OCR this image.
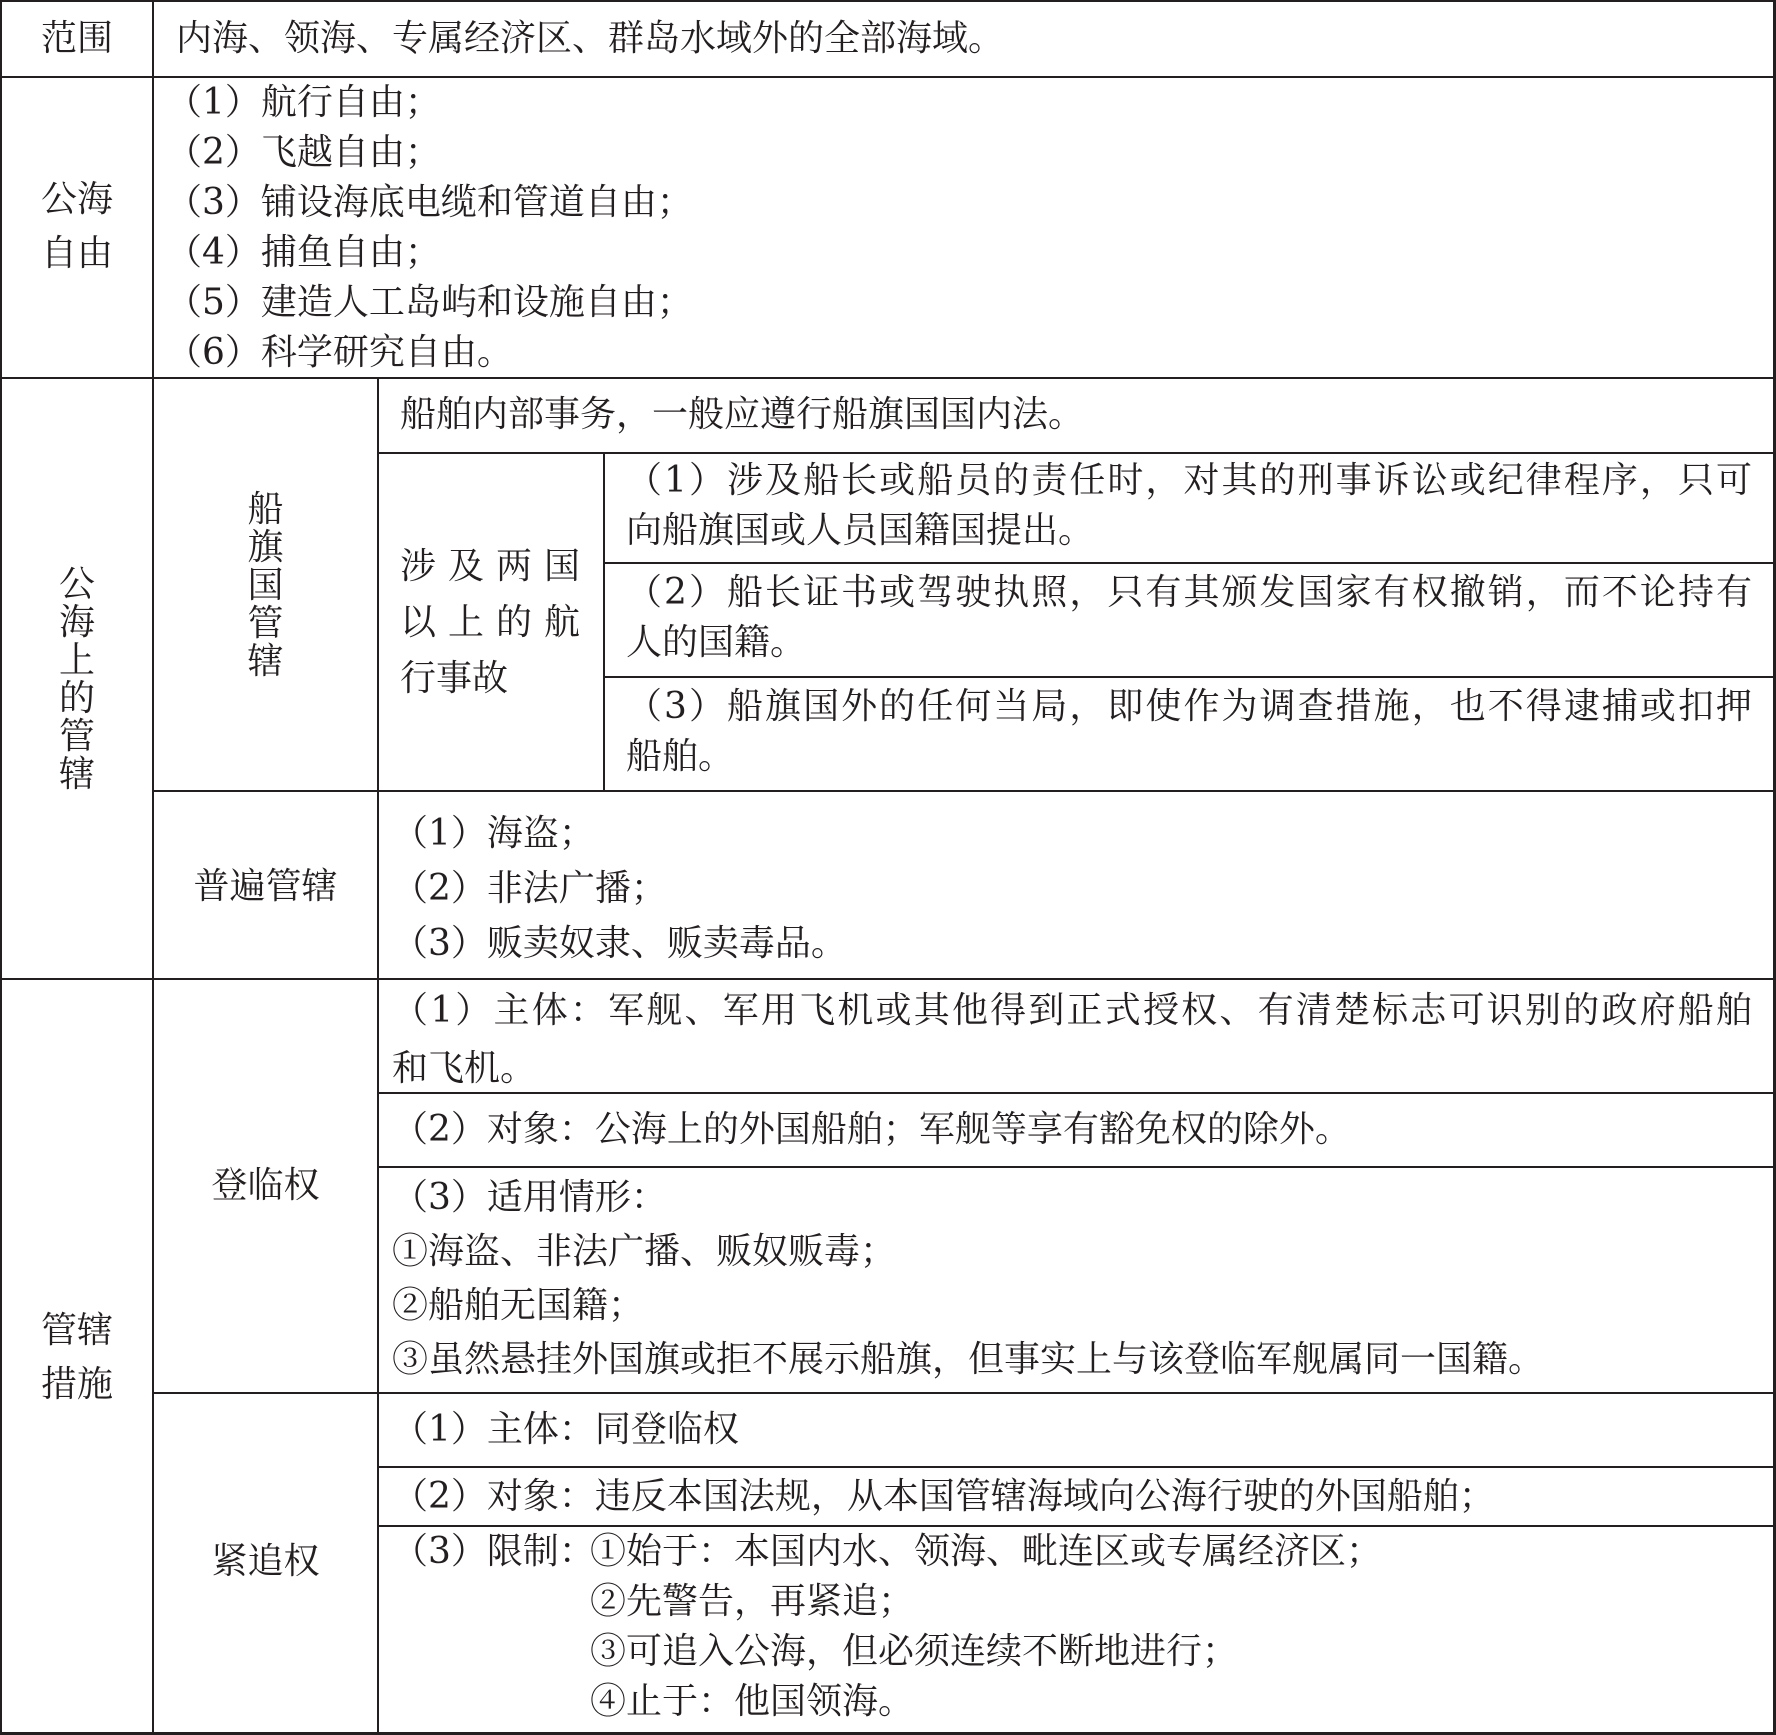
范围	内海、领海、专属经济区、群岛水域外的全部海域。
公海
自由
（1）航行自由；
（2）飞越自由；
（3）铺设海底电缆和管道自由；
（4）捕鱼自由；
（5）建造人工岛屿和设施自由；
（6）科学研究自由。
公
海
上
的
管
辖
船
旗
国
管
辖
船舶内部事务，一般应遵行船旗国国内法。
涉及两国
以上的航
行事故
（1）涉及船长或船员的责任时，对其的刑事诉讼或纪律程序，只可
向船旗国或人员国籍国提出。
（2）船长证书或驾驶执照，只有其颁发国家有权撤销，而不论持有
人的国籍。
（3）船旗国外的任何当局，即使作为调查措施，也不得逮捕或扣押
船舶。
普遍管辖
（1）海盗；
（2）非法广播；
（3）贩卖奴隶、贩卖毒品。
管辖
措施
登临权
（1）主体：军舰、军用飞机或其他得到正式授权、有清楚标志可识别的政府船舶
和飞机。
（2）对象：公海上的外国船舶；军舰等享有豁免权的除外。
（3）适用情形：
①海盗、非法广播、贩奴贩毒；
②船舶无国籍；
③虽然悬挂外国旗或拒不展示船旗，但事实上与该登临军舰属同一国籍。
紧追权
（1）主体：同登临权
（2）对象：违反本国法规，从本国管辖海域向公海行驶的外国船舶；
（3）限制：
①始于：本国内水、领海、毗连区或专属经济区；
②先警告，再紧追；
③可追入公海，但必须连续不断地进行；
④止于：他国领海。
